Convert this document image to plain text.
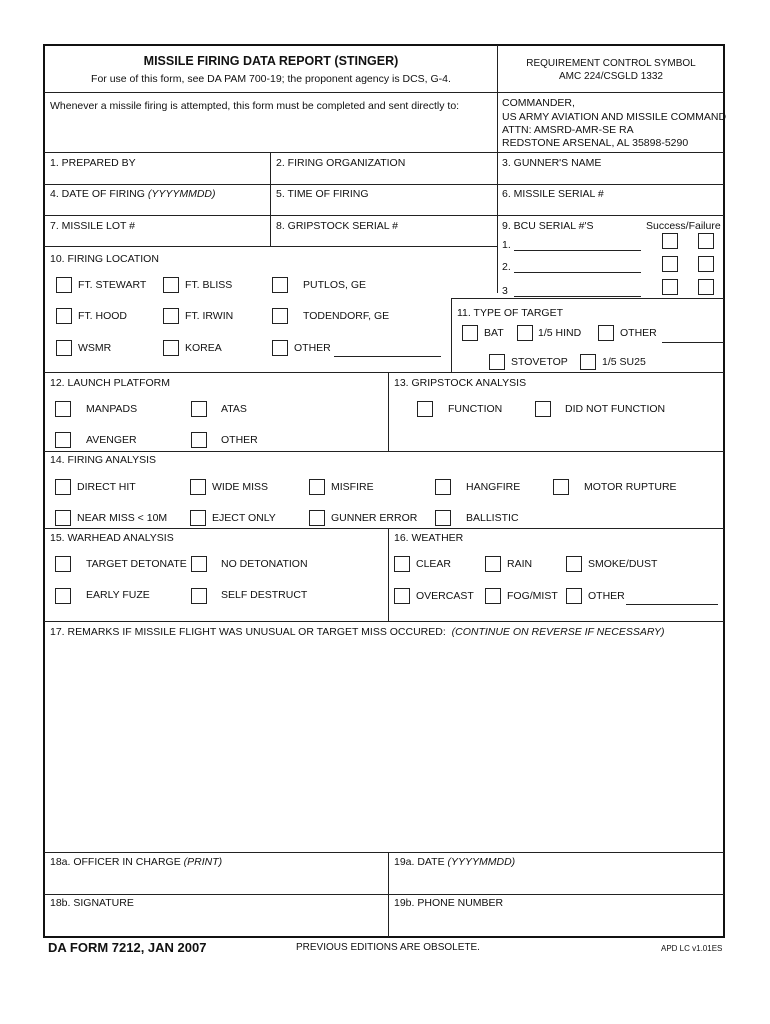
MISSILE FIRING DATA REPORT (STINGER)
For use of this form, see DA PAM 700-19; the proponent agency is DCS, G-4.
REQUIREMENT CONTROL SYMBOL
AMC 224/CSGLD 1332
Whenever a missile firing is attempted, this form must be completed and sent directly to:	COMMANDER,
US ARMY AVIATION AND MISSILE COMMAND
ATTN: AMSRD-AMR-SE RA
REDSTONE ARSENAL, AL 35898-5290
1. PREPARED BY	2. FIRING ORGANIZATION	3. GUNNER'S NAME
4. DATE OF FIRING (YYYYMMDD)	5. TIME OF FIRING	6. MISSILE SERIAL #
7. MISSILE LOT #	8. GRIPSTOCK SERIAL #	9. BCU SERIAL #'S	Success/Failure
1.
2.
3
10. FIRING LOCATION
FT. STEWART	FT. BLISS	PUTLOS, GE
FT. HOOD	FT. IRWIN	TODENDORF, GE
WSMR	KOREA	OTHER
11. TYPE OF TARGET
BAT	1/5 HIND	OTHER
STOVETOP	1/5 SU25
12. LAUNCH PLATFORM
MANPADS	ATAS
AVENGER	OTHER
13. GRIPSTOCK ANALYSIS
FUNCTION	DID NOT FUNCTION
14. FIRING ANALYSIS
DIRECT HIT	WIDE MISS	MISFIRE	HANGFIRE	MOTOR RUPTURE
NEAR MISS < 10M	EJECT ONLY	GUNNER ERROR	BALLISTIC
15. WARHEAD ANALYSIS
TARGET DETONATE	NO DETONATION
EARLY FUZE	SELF DESTRUCT
16. WEATHER
CLEAR	RAIN	SMOKE/DUST
OVERCAST	FOG/MIST	OTHER
17. REMARKS IF MISSILE FLIGHT WAS UNUSUAL OR TARGET MISS OCCURED: (CONTINUE ON REVERSE IF NECESSARY)
18a. OFFICER IN CHARGE (PRINT)	19a. DATE (YYYYMMDD)
18b. SIGNATURE	19b. PHONE NUMBER
DA FORM 7212, JAN 2007	PREVIOUS EDITIONS ARE OBSOLETE.	APD LC v1.01ES
